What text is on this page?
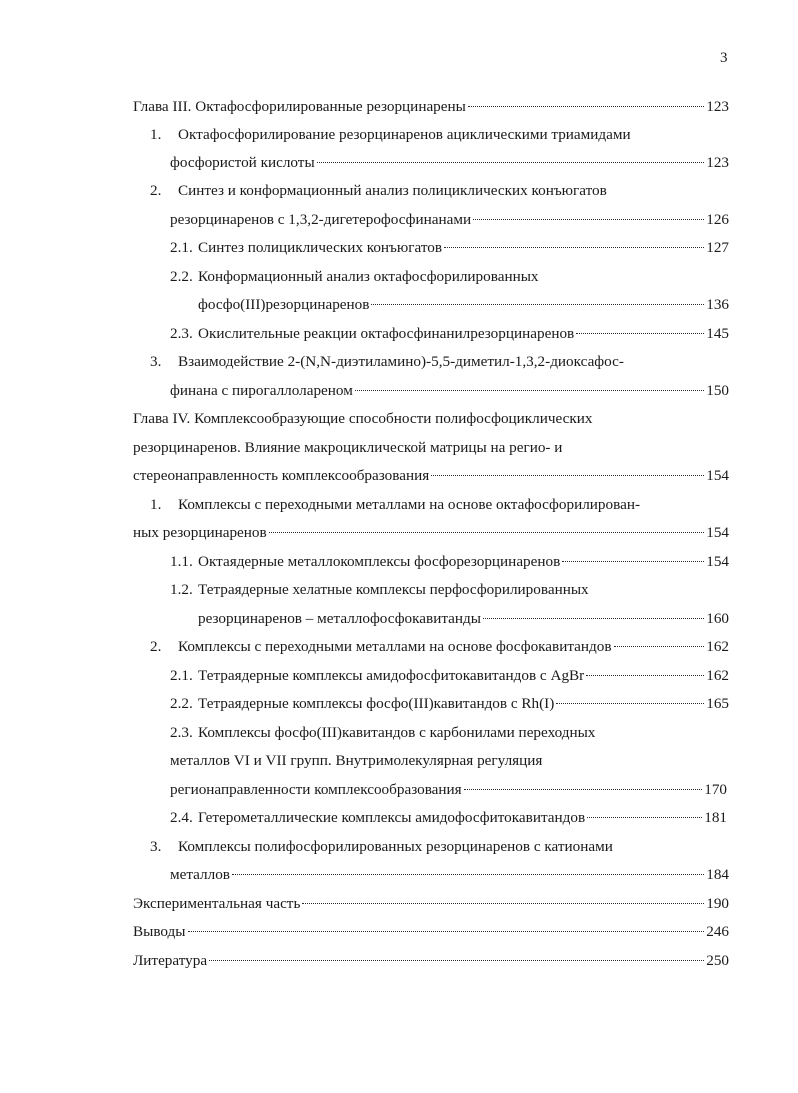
3
Глава III. Октафосфорилированные резорцинарены	123
1.	Октафосфорилирование резорцинаренов ациклическими триамидами
фосфористой кислоты	123
2.	Синтез и конформационный анализ полициклических конъюгатов
резорцинаренов с 1,3,2-дигетерофосфинанами	126
2.1. Синтез полициклических конъюгатов	127
2.2. Конформационный анализ октафосфорилированных
фосфо(III)резорцинаренов	136
2.3. Окислительные реакции октафосфинанилрезорцинаренов	145
3.	Взаимодействие 2-(N,N-диэтиламино)-5,5-диметил-1,3,2-диоксафос-
финана с пирогаллолареном	150
Глава IV. Комплексообразующие способности полифосфоциклических
резорцинаренов. Влияние макроциклической матрицы на регио- и
стереонаправленность комплексообразования	154
1.	Комплексы с переходными металлами на основе октафосфорилирован-
ных резорцинаренов	154
1.1. Октаядерные металлокомплексы фосфорезорцинаренов	154
1.2. Тетраядерные хелатные комплексы перфосфорилированных
резорцинаренов – металлофосфокавитанды	160
2.	Комплексы с переходными металлами на основе фосфокавитандов	162
2.1. Тетраядерные комплексы амидофосфитокавитандов с AgBr	162
2.2. Тетраядерные комплексы фосфо(III)кавитандов с Rh(I)	165
2.3. Комплексы фосфо(III)кавитандов с карбонилами переходных
металлов VI и VII групп. Внутримолекулярная регуляция
регионаправленности комплексообразования	170
2.4. Гетерометаллические комплексы амидофосфитокавитандов	181
3.	Комплексы полифосфорилированных резорцинаренов с катионами
металлов	184
Экспериментальная часть	190
Выводы	246
Литература	250
